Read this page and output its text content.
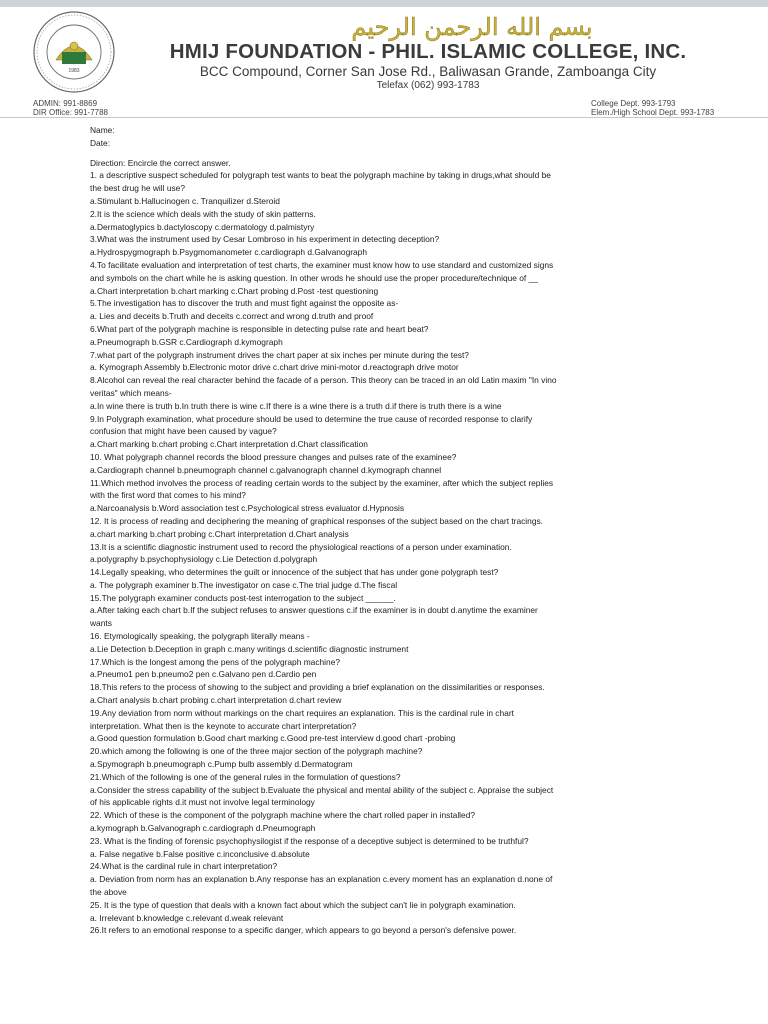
1983
بسم الله الرحمن الرحيم
HMIJ FOUNDATION - PHIL. ISLAMIC COLLEGE, INC.
BCC Compound, Corner San Jose Rd., Baliwasan Grande, Zamboanga City
Telefax (062) 993-1783
ADMIN: 991-8869
DIR Office: 991-7788
College Dept. 993-1793
Elem./High School Dept. 993-1783
Name:
Date:
Direction: Encircle the correct answer.
1. a descriptive suspect scheduled for polygraph test wants to beat the polygraph machine by taking in drugs,what should be
the best drug he will use?
a.Stimulant b.Hallucinogen c. Tranquilizer d.Steroid
2.It is the science which deals with the study of skin patterns.
a.Dermatoglypics b.dactyloscopy c.dermatology d.palmistyry
3.What was the instrument used by Cesar Lombroso in his experiment in detecting deception?
a.Hydrospygmograph b.Psygmomanometer c.cardiograph d.Galvanograph
4.To facilitate evaluation and interpretation of test charts, the examiner must know how to use standard and customized signs
and symbols on the chart while he is asking question. In other wrods he should use the proper procedure/technique of __
a.Chart interpretation b.chart marking c.Chart probing d.Post -test questioning
5.The investigation has to discover the truth and must fight against the opposite as-
a. Lies and deceits b.Truth and deceits c.correct and wrong d.truth and proof
6.What part of the polygraph machine is responsible in detecting pulse rate and heart beat?
a.Pneumograph b.GSR c.Cardiograph d.kymograph
7.what part of the polygraph instrument drives the chart paper at six inches per minute during the test?
a. Kymograph Assembly b.Electronic motor drive c.chart drive mini-motor d.reactograph drive motor
8.Alcohol can reveal the real character behind the facade of a person. This theory can be traced in an old Latin maxim "In vino
veritas" which means-
a.In wine there is truth b.In truth there is wine c.If there is a wine there is a truth d.if there is truth there is a wine
9.In Polygraph examination, what procedure should be used to determine the true cause of recorded response to clarify
confusion that might have been caused by vague?
a.Chart marking b.chart probing c.Chart interpretation d.Chart classification
10. What polygraph channel records the blood pressure changes and pulses rate of the examinee?
a.Cardiograph channel b.pneumograph channel c.galvanograph channel d.kymograph channel
11.Which method involves the process of reading certain words to the subject by the examiner, after which the subject replies
with the first word that comes to his mind?
a.Narcoanalysis b.Word association test c.Psychological stress evaluator d.Hypnosis
12. It is process of reading and deciphering the meaning of graphical responses of the subject based on the chart tracings.
a.chart marking b.chart probing c.Chart interpretation d.Chart analysis
13.It is a scientific diagnostic instrument used to record the physiological reactions of a person under examination.
a.polygraphy b.psychophysiology c.Lie Detection d.polygraph
14.Legally speaking, who determines the guilt or innocence of the subject that has under gone polygraph test?
a. The polygraph examiner b.The investigator on case c.The trial judge d.The fiscal
15.The polygraph examiner conducts post-test interrogation to the subject ______.
a.After taking each chart b.If the subject refuses to answer questions c.if the examiner is in doubt d.anytime the examiner
wants
16. Etymologically speaking, the polygraph literally means -
a.Lie Detection b.Deception in graph c.many writings d.scientific diagnostic instrument
17.Which is the longest among the pens of the polygraph machine?
a.Pneumo1 pen b.pneumo2 pen c.Galvano pen d.Cardio pen
18.This refers to the process of showing to the subject and providing a brief explanation on the dissimilarities or responses.
a.Chart analysis b.chart probing c.chart interpretation d.chart review
19.Any deviation from norm without markings on the chart requires an explanation. This is the cardinal rule in chart
interpretation. What then is the keynote to accurate chart interpretation?
a.Good question formulation b.Good chart marking c.Good pre-test interview d.good chart -probing
20.which among the following is one of the three major section of the polygraph machine?
a.Spymograph b.pneumograph c.Pump bulb assembly d.Dermatogram
21.Which of the following is one of the general rules in the formulation of questions?
a.Consider the stress capability of the subject b.Evaluate the physical and mental ability of the subject c. Appraise the subject
of his applicable rights d.it must not involve legal terminology
22. Which of these is the component of the polygraph machine where the chart rolled paper in installed?
a.kymograph b.Galvanograph c.cardiograph d.Pneumograph
23. What is the finding of forensic psychophysilogist if the response of a deceptive subject is determined to be truthful?
a. False negative b.False positive c.inconclusive d.absolute
24.What is the cardinal rule in chart interpretation?
a. Deviation from norm has an explanation b.Any response has an explanation c.every moment has an explanation d.none of
the above
25. It is the type of question that deals with a known fact about which the subject can't lie in polygraph examination.
a. Irrelevant b.knowledge c.relevant d.weak relevant
26.It refers to an emotional response to a specific danger, which appears to go beyond a person's defensive power.
